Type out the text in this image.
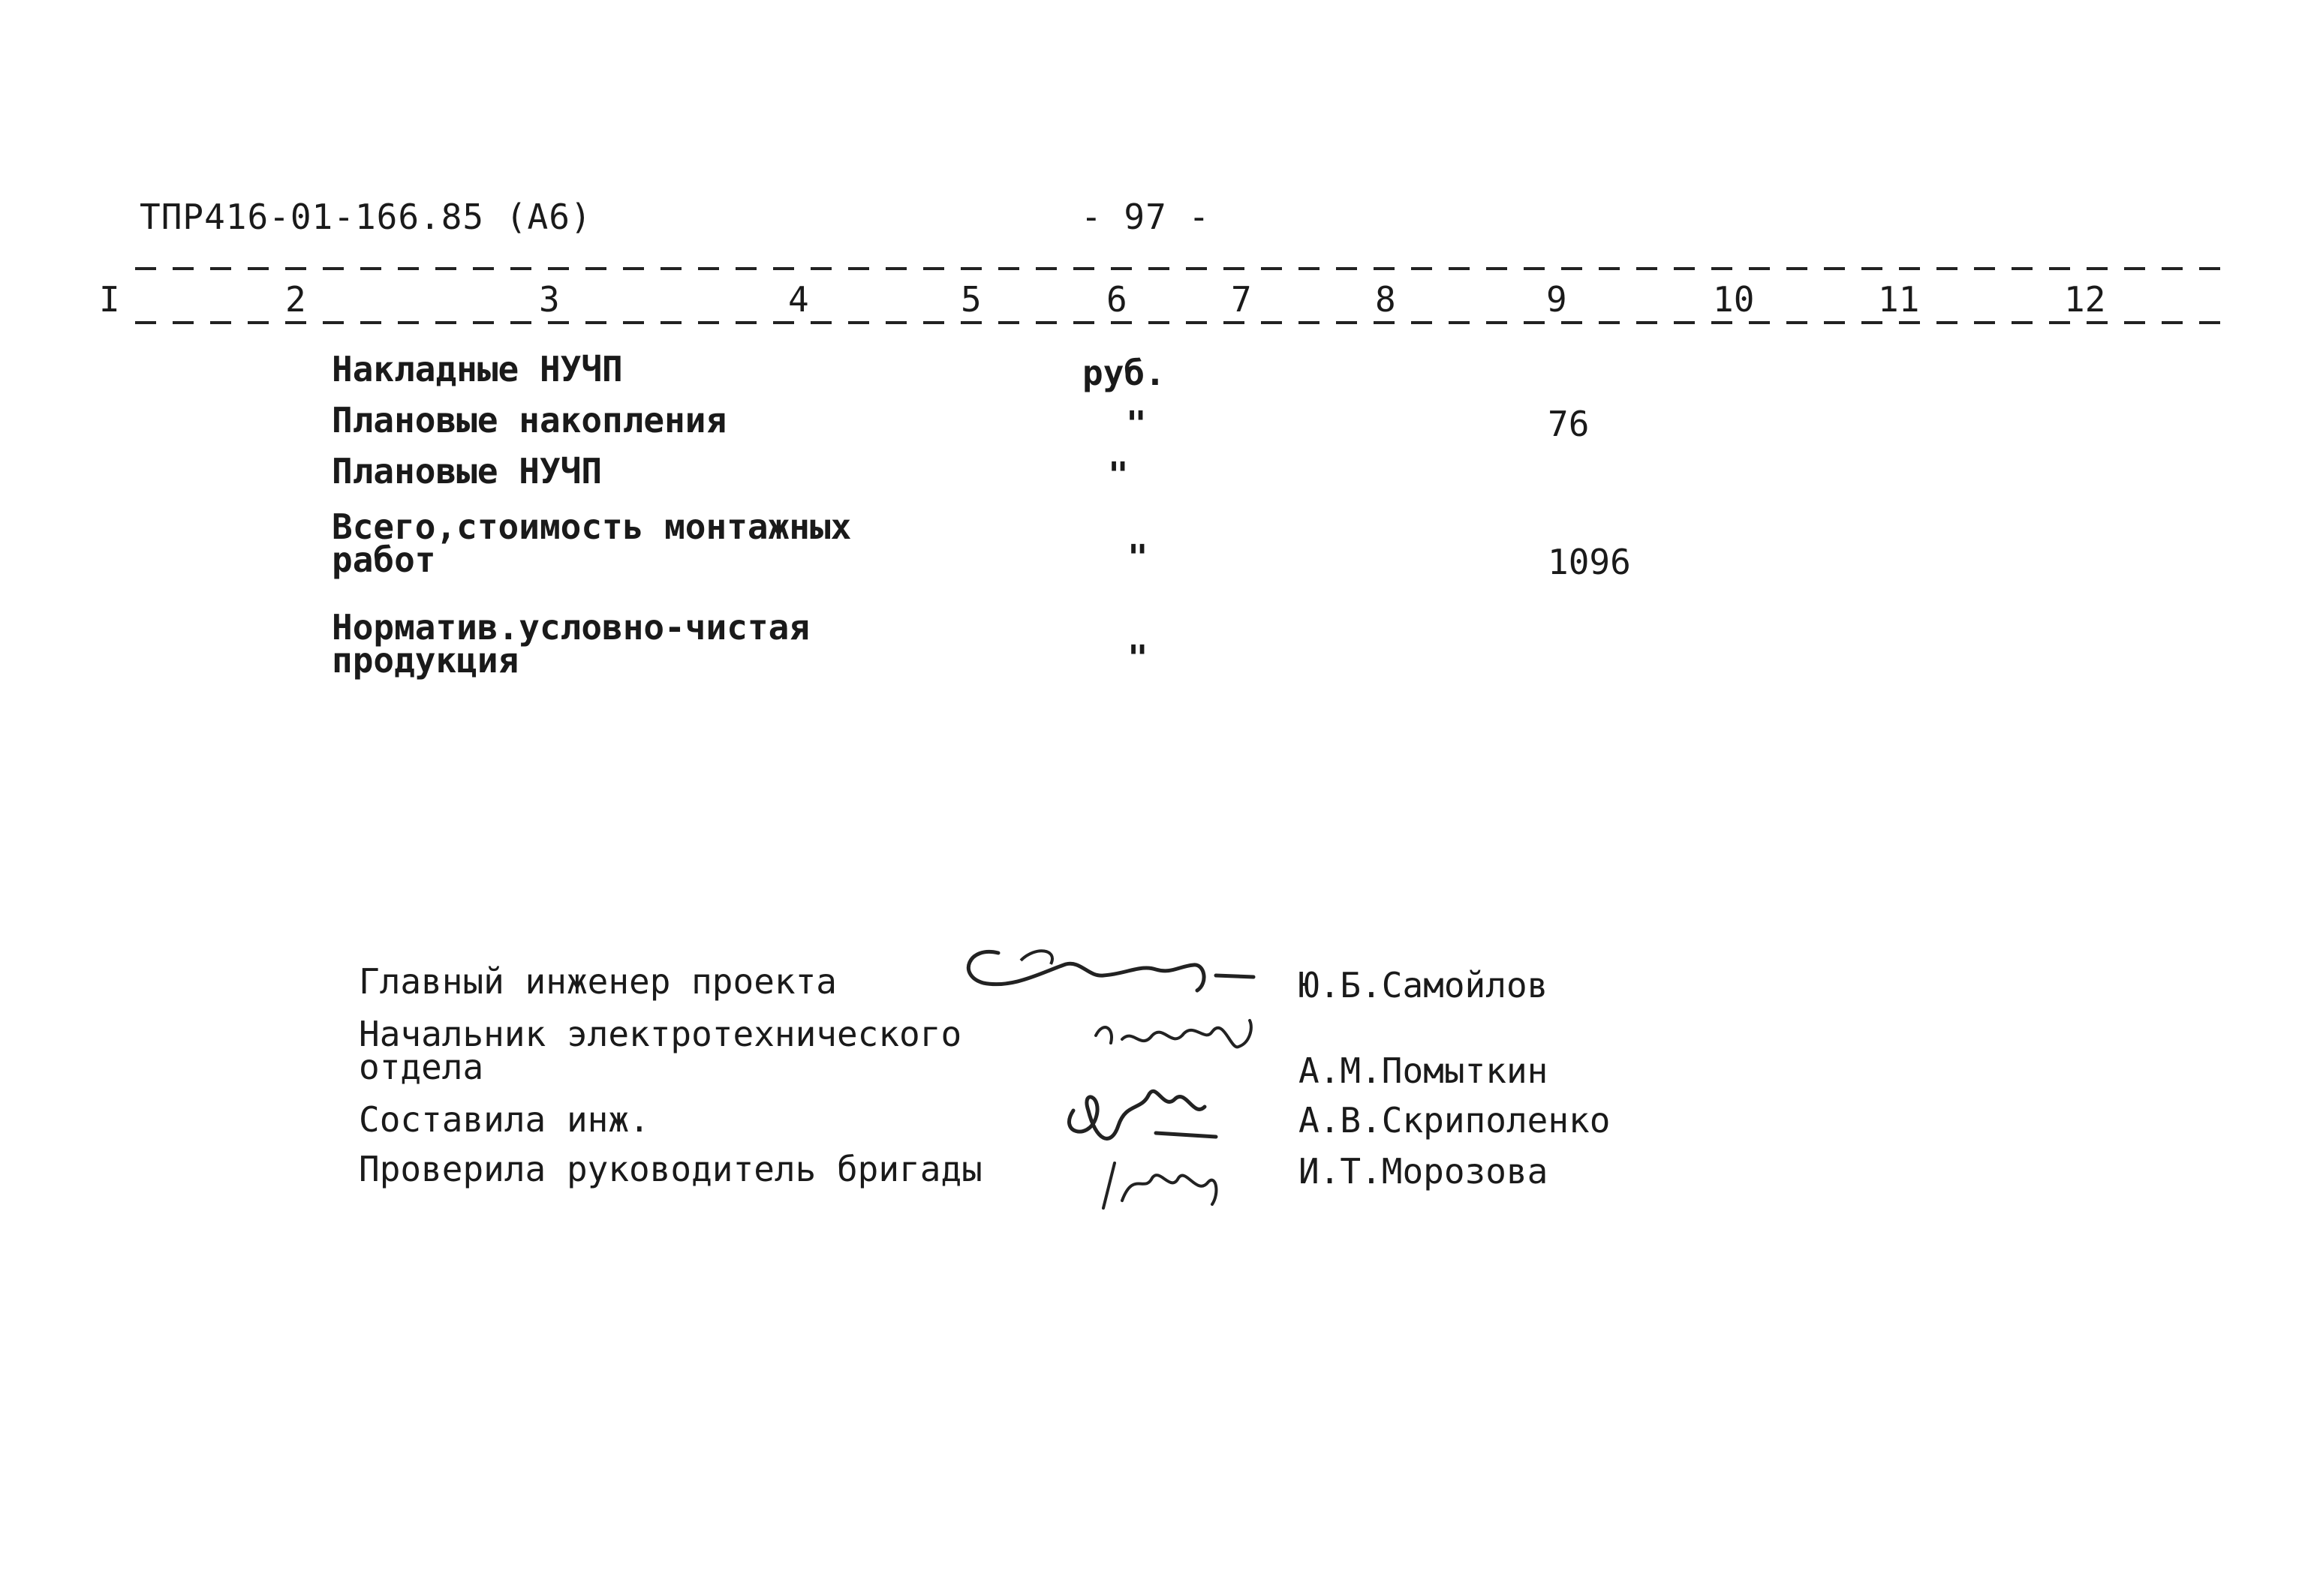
ТПР416-01-166.85 (А6)	- 97 -
I	2	3	4	5	6	7	8	9	10	11	12
Накладные НУЧП	руб.
Плановые накопления	"	76
Плановые НУЧП	"
Всего,стоимость монтажных
работ	"	1096
Норматив.условно-чистая
продукция	"
Главный инженер проекта	Ю.Б.Самойлов
Начальник электротехнического
отдела	А.М.Помыткин
Составила инж.	А.В.Скриполенко
Проверила руководитель бригады	И.Т.Морозова
